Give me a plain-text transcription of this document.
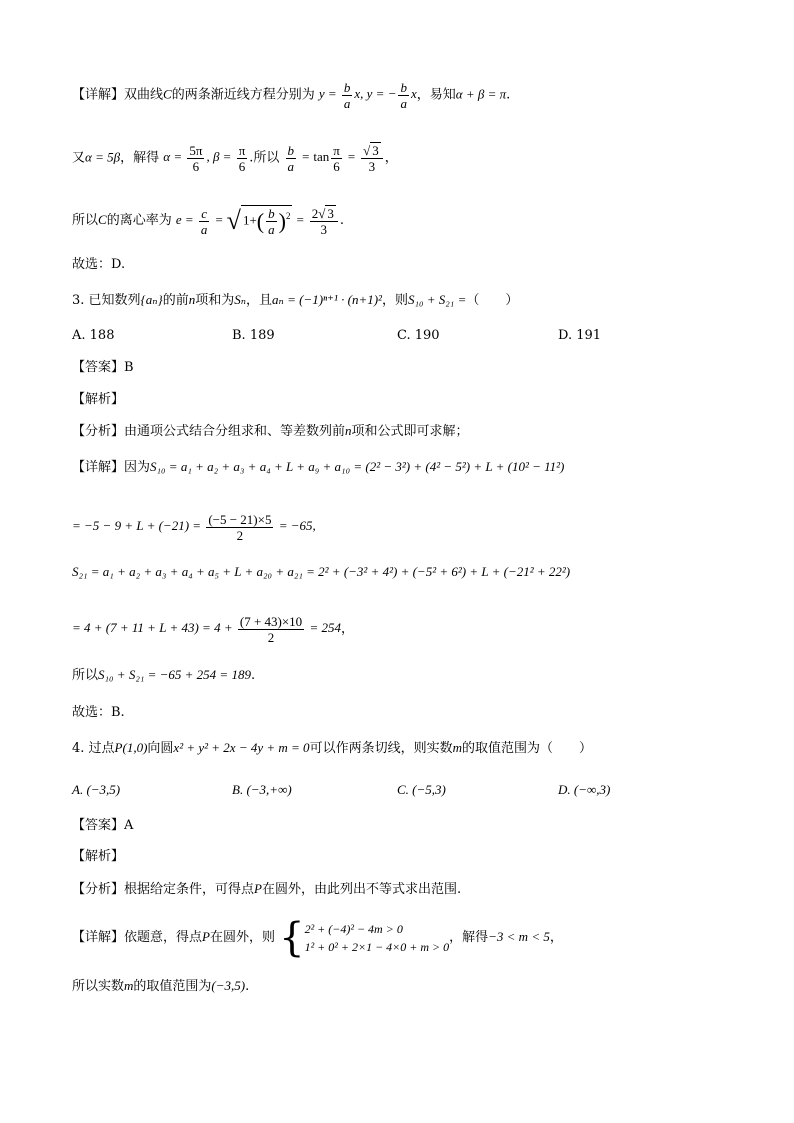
【详解】双曲线C的两条渐近线方程分别为 $y = \frac{b}{a} x$, y = − $\frac{b}{a}$ x，易知α + β = π.
又α = 5β，解得 $\alpha = \frac{5\pi}{6}$ , $\beta = \frac{\pi}{6}$ .所以 $\frac{b}{a} = \tan \frac{\pi}{6} = \frac{√ 3}{3}$ ，
所以C的离心率为 $e = \frac{c}{a}$ = √ $1+( \frac{b}{a} )^2 = \frac{2√ 3}{3}$ .
故选：D.
3. 已知数列{aₙ}的前n项和为Sₙ，且aₙ = (−1)ⁿ⁺¹ · (n+1)²，则S₁₀ + S₂₁ =（　　）
A. 188	B. 189	C. 190	D. 191
【答案】B
【解析】
【分析】由通项公式结合分组求和、等差数列前n项和公式即可求解；
【详解】因为S₁₀ = a₁ + a₂ + a₃ + a₄ + L + a₉ + a₁₀ = (2² − 3²) + (4² − 5²) + L + (10² − 11²)
= $-5 - 9 + L + (-21) = \frac{(-5 - 21)\times 5}{2} = -65$,
S₂₁ = a₁ + a₂ + a₃ + a₄ + a₅ + L + a₂₀ + a₂₁ = 2² + (−3² + 4²) + (−5² + 6²) + L + (−21² + 22²)
= $4 + (7 + 11 + L + 43) = 4 + \frac{(7 + 43)\times 10}{2} = 254$，
所以S₁₀ + S₂₁ = −65 + 254 = 189.
故选：B.
4. 过点P(1,0)向圆x² + y² + 2x − 4y + m = 0可以作两条切线，则实数m的取值范围为（　　）
A. (−3,5)	B. (−3,+∞)	C. (−5,3)	D. (−∞,3)
【答案】A
【解析】
【分析】根据给定条件，可得点P在圆外，由此列出不等式求出范围.
【详解】依题意，得点P在圆外，则 { 2² + (−4)² − 4m > 0
1² + 0² + 2×1 − 4×0 + m > 0
，解得−3 < m < 5，
所以实数m的取值范围为(−3,5).
